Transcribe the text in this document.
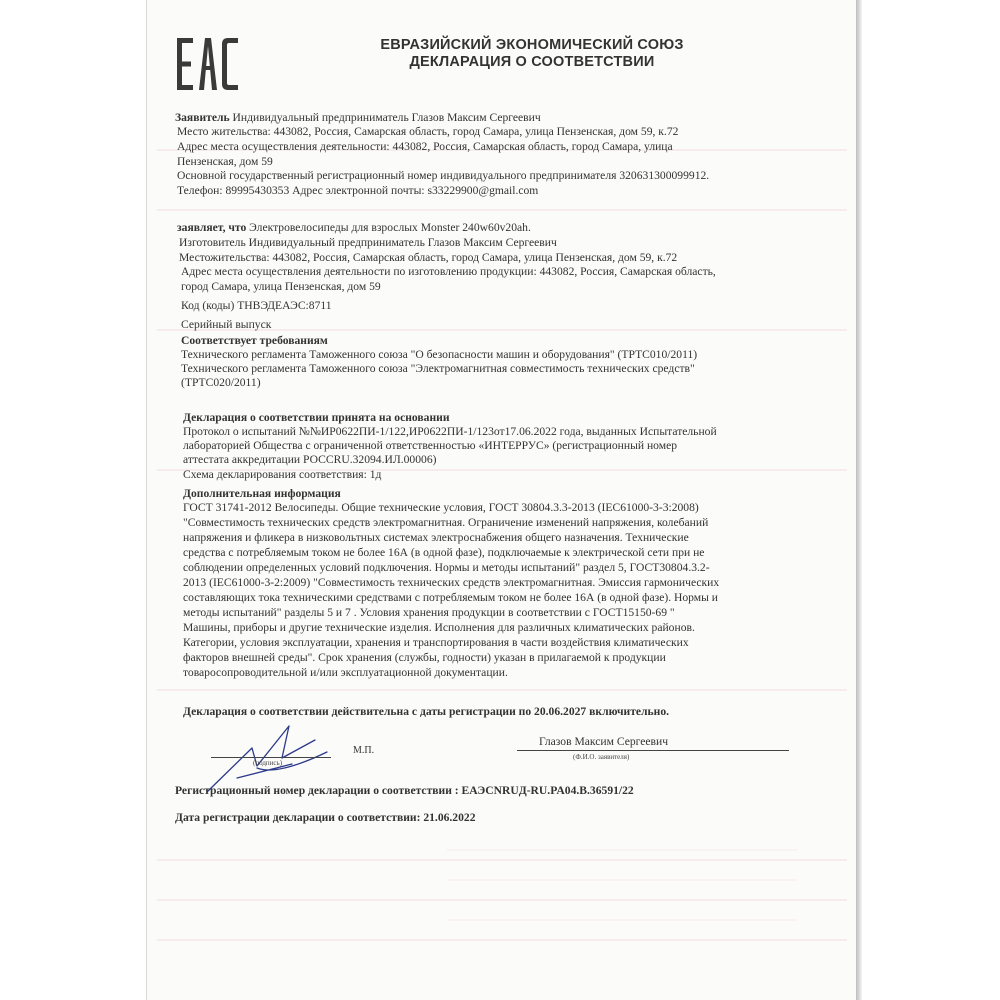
ЕВРАЗИЙСКИЙ ЭКОНОМИЧЕСКИЙ СОЮЗ
ДЕКЛАРАЦИЯ О СООТВЕТСТВИИ
Заявитель Индивидуальный предприниматель Глазов Максим Сергеевич
Место жительства: 443082, Россия, Самарская область, город Самара, улица Пензенская, дом 59, к.72
Адрес места осуществления деятельности: 443082, Россия, Самарская область, город Самара, улица
Пензенская, дом 59
Основной государственный регистрационный номер индивидуального предпринимателя 320631300099912.
Телефон: 89995430353 Адрес электронной почты: s33229900@gmail.com
заявляет, что Электровелосипеды для взрослых Monster 240w60v20ah.
Изготовитель Индивидуальный предприниматель Глазов Максим Сергеевич
Местожительства: 443082, Россия, Самарская область, город Самара, улица Пензенская, дом 59, к.72
Адрес места осуществления деятельности по изготовлению продукции: 443082, Россия, Самарская область,
город Самара, улица Пензенская, дом 59
Код (коды) ТНВЭДЕАЭС:8711
Серийный выпуск
Соответствует требованиям
Технического регламента Таможенного союза "О безопасности машин и оборудования" (ТРТС010/2011)
Технического регламента Таможенного союза "Электромагнитная совместимость технических средств"
(ТРТС020/2011)
Декларация о соответствии принята на основании
Протокол о испытаний №№ИР0622ПИ-1/122,ИР0622ПИ-1/123от17.06.2022 года, выданных Испытательной
лабораторией Общества с ограниченной ответственностью «ИНТЕРРУС» (регистрационный номер
аттестата аккредитации РОССRU.32094.ИЛ.00006)
Схема декларирования соответствия: 1д
Дополнительная информация
ГОСТ 31741-2012 Велосипеды. Общие технические условия, ГОСТ 30804.3.3-2013 (IEC61000-3-3:2008)
"Совместимость технических средств электромагнитная. Ограничение изменений напряжения, колебаний
напряжения и фликера в низковольтных системах электроснабжения общего назначения. Технические
средства с потребляемым током не более 16А (в одной фазе), подключаемые к электрической сети при не
соблюдении определенных условий подключения. Нормы и методы испытаний" раздел 5, ГОСТ30804.3.2-
2013 (IEC61000-3-2:2009) "Совместимость технических средств электромагнитная. Эмиссия гармонических
составляющих тока техническими средствами с потребляемым током не более 16А (в одной фазе). Нормы и
методы испытаний" разделы 5 и 7 . Условия хранения продукции в соответствии с ГОСТ15150-69 "
Машины, приборы и другие технические изделия. Исполнения для различных климатических районов.
Категории, условия эксплуатации, хранения и транспортирования в части воздействия климатических
факторов внешней среды". Срок хранения (службы, годности) указан в прилагаемой к продукции
товаросопроводительной и/или эксплуатационной документации.
Декларация о соответствии действительна с даты регистрации по 20.06.2027 включительно.
(подпись)
М.П.
Глазов Максим Сергеевич
(Ф.И.О. заявителя)
Регистрационный номер декларации о соответствии : ЕАЭСNRUД-RU.PA04.B.36591/22
Дата регистрации декларации о соответствии: 21.06.2022
